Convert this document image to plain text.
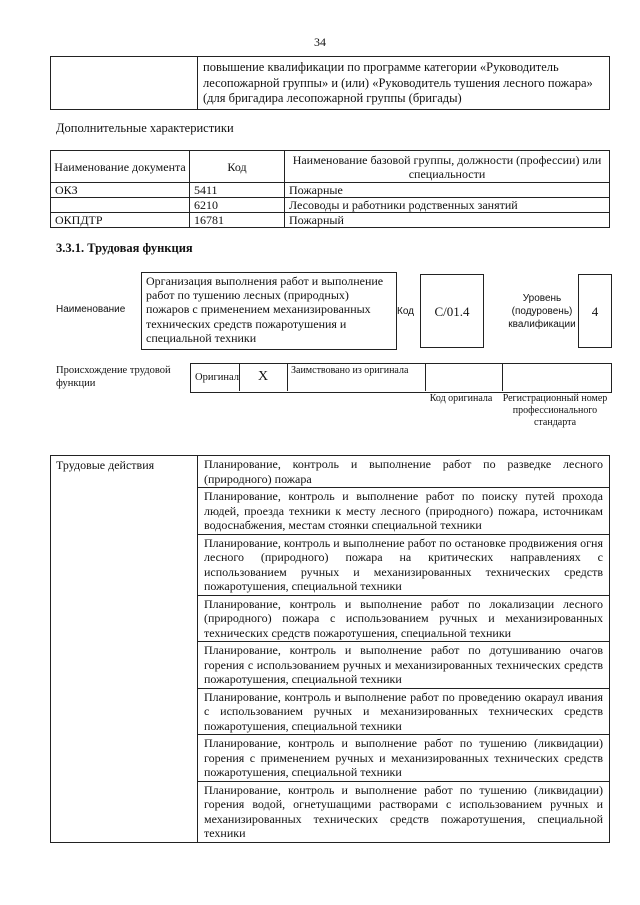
34
	повышение квалификации по программе категории «Руководитель лесопожарной группы» и (или) «Руководитель тушения лесного пожара» (для бригадира лесопожарной группы (бригады)
Дополнительные характеристики
Наименование документа	Код	Наименование базовой группы, должности (профессии) или специальности
ОКЗ	5411	Пожарные
	6210	Лесоводы и работники родственных занятий
ОКПДТР	16781	Пожарный
3.3.1. Трудовая функция
Наименование
Организация выполнения работ и выполнение работ по тушению лесных (природных) пожаров с применением механизированных технических средств пожаротушения и специальной техники
Код	С/01.4
Уровень (подуровень) квалификации
4
Происхождение трудовой функции	Оригинал	X	Заимствовано из оригинала
Код оригинала	Регистрационный номер профессионального стандарта
Трудовые действия	Планирование, контроль и выполнение работ по разведке лесного (природного) пожара
Планирование, контроль и выполнение работ по поиску путей прохода людей, проезда техники к месту лесного (природного) пожара, источникам водоснабжения, местам стоянки специальной техники
Планирование, контроль и выполнение работ по остановке продвижения огня лесного (природного) пожара на критических направлениях с использованием ручных и механизированных технических средств пожаротушения, специальной техники
Планирование, контроль и выполнение работ по локализации лесного (природного) пожара с использованием ручных и механизированных технических средств пожаротушения, специальной техники
Планирование, контроль и выполнение работ по дотушиванию очагов горения с использованием ручных и механизированных технических средств пожаротушения, специальной техники
Планирование, контроль и выполнение работ по проведению окараул ивания с использованием ручных и механизированных технических средств пожаротушения, специальной техники
Планирование, контроль и выполнение работ по тушению (ликвидации) горения с применением ручных и механизированных технических средств пожаротушения, специальной техники
Планирование, контроль и выполнение работ по тушению (ликвидации) горения водой, огнетушащими растворами с использованием ручных и механизированных технических средств пожаротушения, специальной техники
